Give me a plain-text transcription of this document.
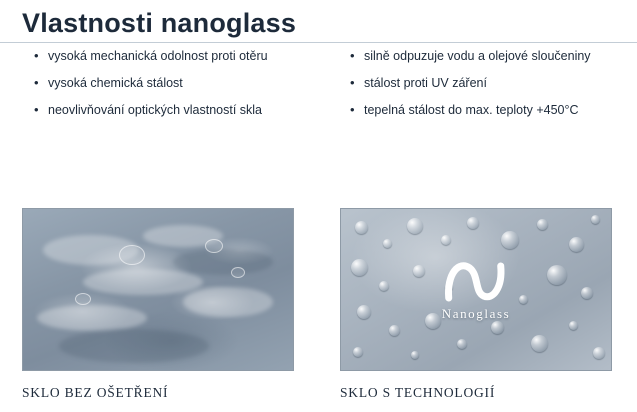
Vlastnosti nanoglass
• vysoká mechanická odolnost proti otěru
• vysoká chemická stálost
• neovlivňování optických vlastností skla
• silně odpuzuje vodu a olejové sloučeniny
• stálost proti UV záření
• tepelná stálost do max. teploty +450°C
SKLO BEZ OŠETŘENÍ
Nanoglass
SKLO S TECHNOLOGIÍ
